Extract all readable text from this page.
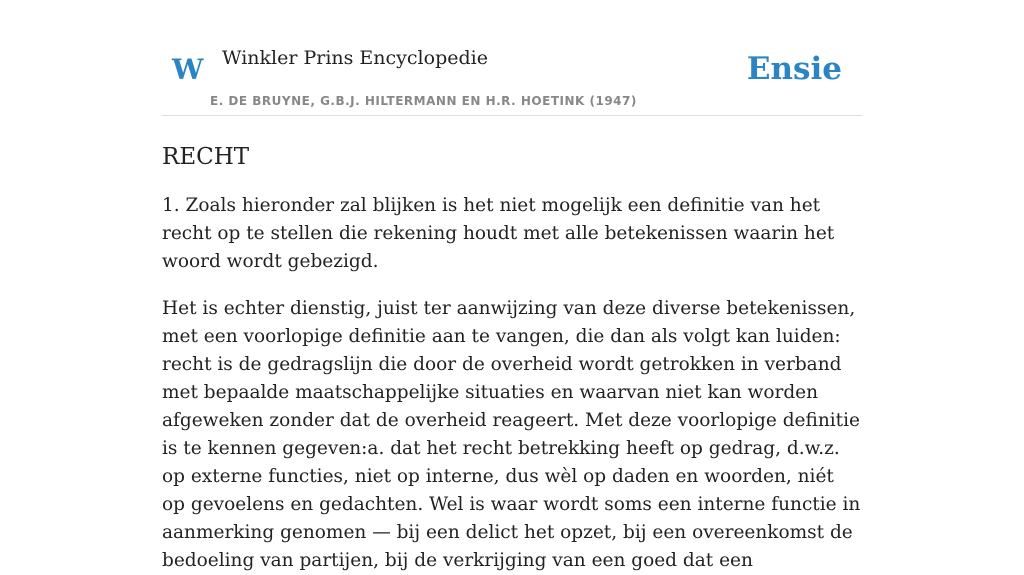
W Winkler Prins Encyclopedie
E. DE BRUYNE, G.B.J. HILTERMANN EN H.R. HOETINK (1947)
Ensie
RECHT

1. Zoals hieronder zal blijken is het niet mogelijk een definitie van het recht op te stellen die rekening houdt met alle betekenissen waarin het woord wordt gebezigd.

Het is echter dienstig, juist ter aanwijzing van deze diverse betekenissen, met een voorlopige definitie aan te vangen, die dan als volgt kan luiden: recht is de gedragslijn die door de overheid wordt getrokken in verband met bepaalde maatschappelijke situaties en waarvan niet kan worden afgeweken zonder dat de overheid reageert. Met deze voorlopige definitie is te kennen gegeven:a. dat het recht betrekking heeft op gedrag, d.w.z. op externe functies, niet op interne, dus wèl op daden en woorden, niét op gevoelens en gedachten. Wel is waar wordt soms een interne functie in aanmerking genomen — bij een delict het opzet, bij een overeenkomst de bedoeling van partijen, bij de verkrijging van een goed dat een
